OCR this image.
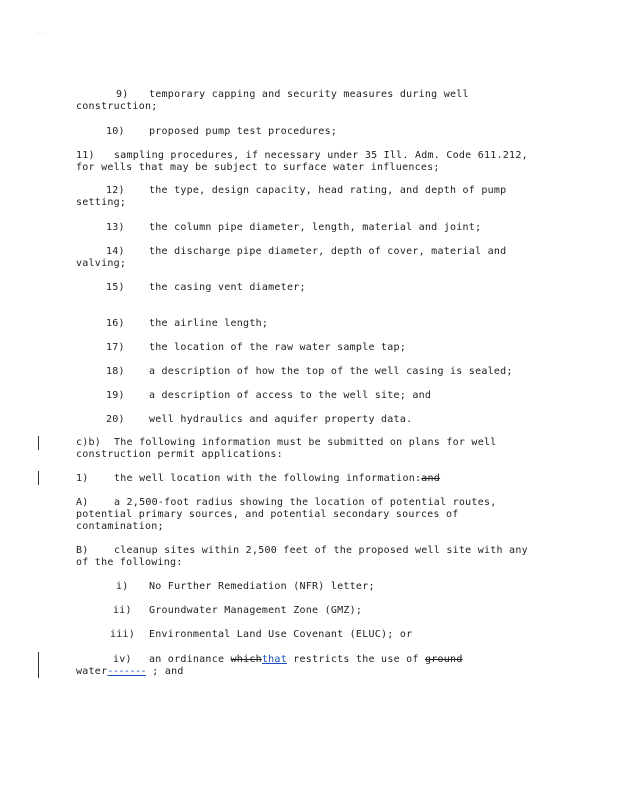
· ·
9) temporary capping and security measures during well
construction;
10) proposed pump test procedures;
11) sampling procedures, if necessary under 35 Ill. Adm. Code 611.212,
for wells that may be subject to surface water influences;
12) the type, design capacity, head rating, and depth of pump
setting;
13) the column pipe diameter, length, material and joint;
14) the discharge pipe diameter, depth of cover, material and
valving;
15) the casing vent diameter;
16) the airline length;
17) the location of the raw water sample tap;
18) a description of how the top of the well casing is sealed;
19) a description of access to the well site; and
20) well hydraulics and aquifer property data.
c)b) The following information must be submitted on plans for well
construction permit applications:
1)	the well location with the following information:and
A)	a 2,500-foot radius showing the location of potential routes,
potential primary sources, and potential secondary sources of
contamination;
B)	cleanup sites within 2,500 feet of the proposed well site with any
of the following:
i) No Further Remediation (NFR) letter;
ii) Groundwater Management Zone (GMZ);
iii) Environmental Land Use Covenant (ELUC); or
iv) an ordinance whichthat restricts the use of ground
water------- ; and
